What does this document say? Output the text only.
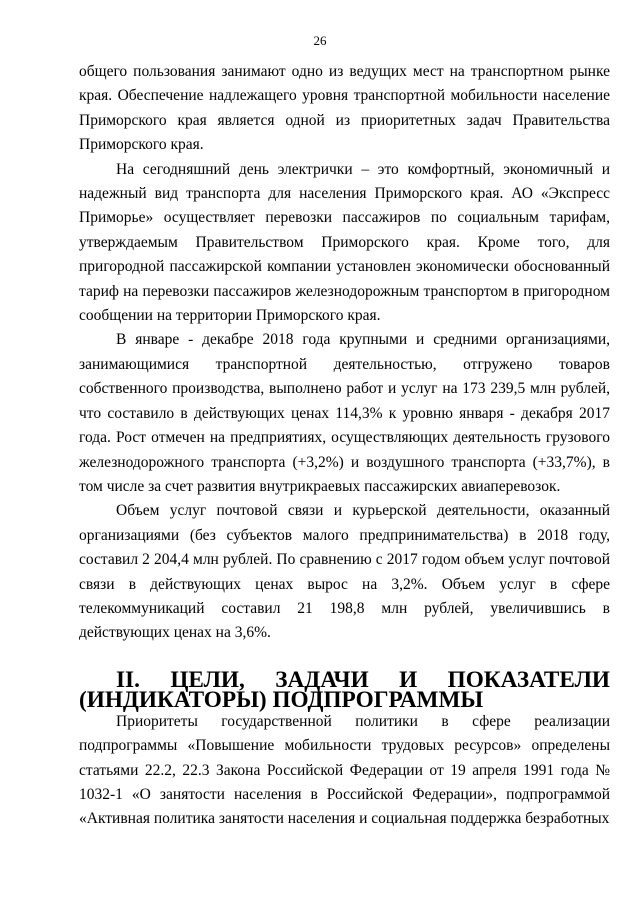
26

общего пользования занимают одно из ведущих мест на транспортном рынке края. Обеспечение надлежащего уровня транспортной мобильности население Приморского края является одной из приоритетных задач Правительства Приморского края.

На сегодняшний день электрички – это комфортный, экономичный и надежный вид транспорта для населения Приморского края. АО «Экспресс Приморье» осуществляет перевозки пассажиров по социальным тарифам, утверждаемым Правительством Приморского края. Кроме того, для пригородной пассажирской компании установлен экономически обоснованный тариф на перевозки пассажиров железнодорожным транспортом в пригородном сообщении на территории Приморского края.

В январе - декабре 2018 года крупными и средними организациями, занимающимися транспортной деятельностью, отгружено товаров собственного производства, выполнено работ и услуг на 173 239,5 млн рублей, что составило в действующих ценах 114,3% к уровню января - декабря 2017 года. Рост отмечен на предприятиях, осуществляющих деятельность грузового железнодорожного транспорта (+3,2%) и воздушного транспорта (+33,7%), в том числе за счет развития внутрикраевых пассажирских авиаперевозок.

Объем услуг почтовой связи и курьерской деятельности, оказанный организациями (без субъектов малого предпринимательства) в 2018 году, составил 2 204,4 млн рублей. По сравнению с 2017 годом объем услуг почтовой связи в действующих ценах вырос на 3,2%. Объем услуг в сфере телекоммуникаций составил 21 198,8 млн рублей, увеличившись в действующих ценах на 3,6%.

II. ЦЕЛИ, ЗАДАЧИ И ПОКАЗАТЕЛИ (ИНДИКАТОРЫ) ПОДПРОГРАММЫ

Приоритеты государственной политики в сфере реализации подпрограммы «Повышение мобильности трудовых ресурсов» определены статьями 22.2, 22.3 Закона Российской Федерации от 19 апреля 1991 года № 1032-1 «О занятости населения в Российской Федерации», подпрограммой «Активная политика занятости населения и социальная поддержка безработных
